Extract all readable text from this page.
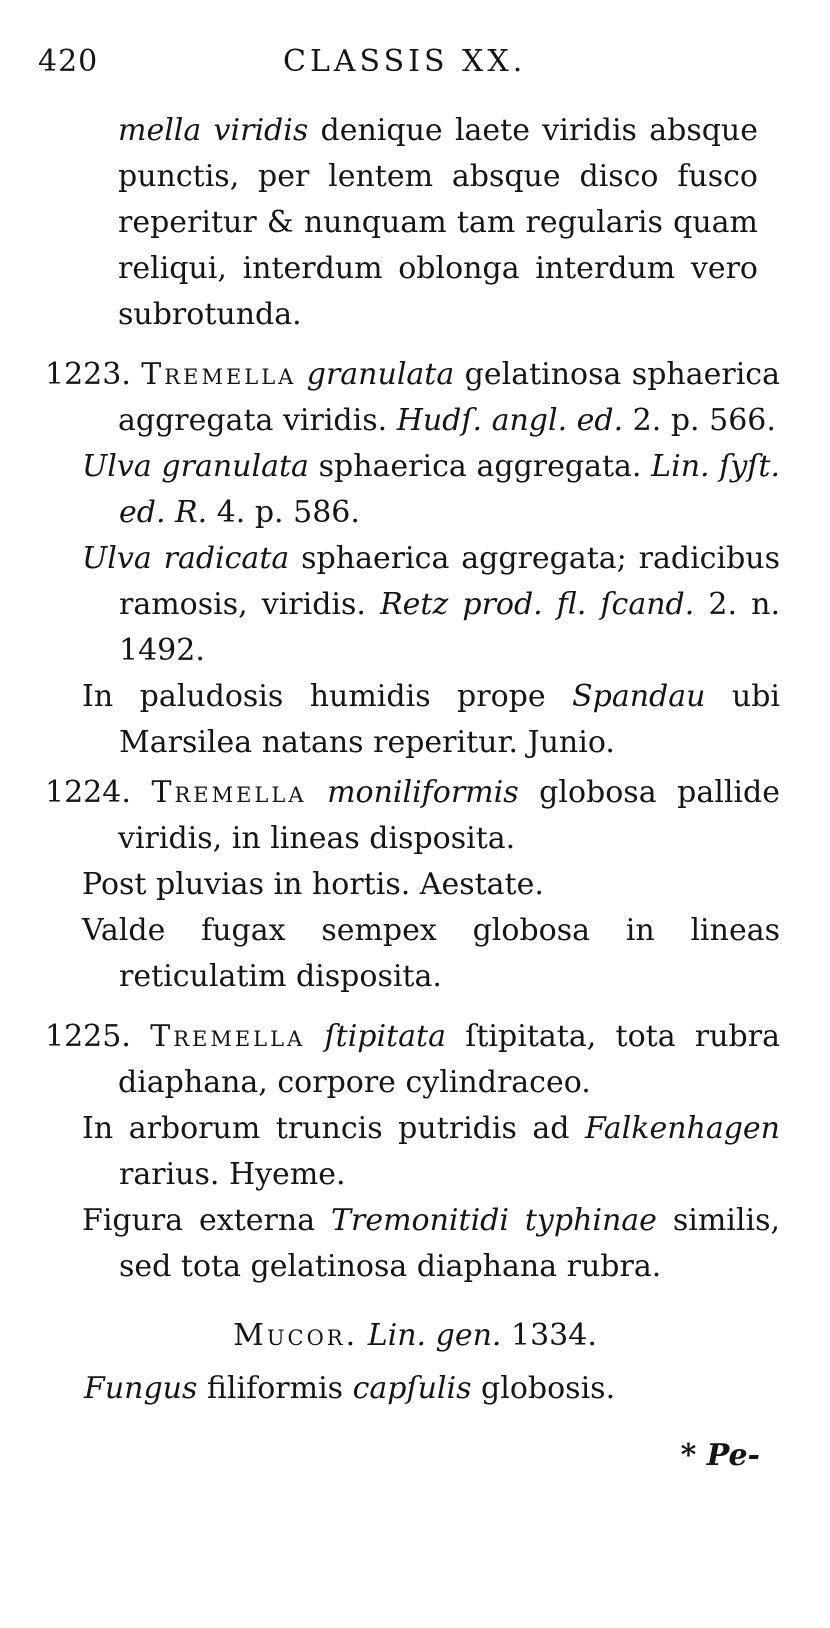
420	CLASSIS XX.

mella viridis denique laete viridis absque punctis, per lentem absque disco fusco reperitur & nunquam tam regularis quam reliqui, interdum oblonga interdum vero subrotunda.

1223. Tremella granulata gelatinosa sphaerica aggregata viridis. Hudſ. angl. ed. 2. p. 566.

Ulva granulata sphaerica aggregata. Lin. ſyſt. ed. R. 4. p. 586.

Ulva radicata sphaerica aggregata; radicibus ramosis, viridis. Retz prod. fl. ſcand. 2. n. 1492.

In paludosis humidis prope Spandau ubi Marsilea natans reperitur. Junio.

1224. Tremella moniliformis globosa pallide viridis, in lineas disposita.

Post pluvias in hortis. Aestate.

Valde fugax sempex globosa in lineas reticulatim disposita.

1225. Tremella ſtipitata ſtipitata, tota rubra diaphana, corpore cylindraceo.

In arborum truncis putridis ad Falkenhagen rarius. Hyeme.

Figura externa Tremonitidi typhinae similis, sed tota gelatinosa diaphana rubra.

Mucor. Lin. gen. 1334.

Fungus filiformis capſulis globosis.

* Pe-
